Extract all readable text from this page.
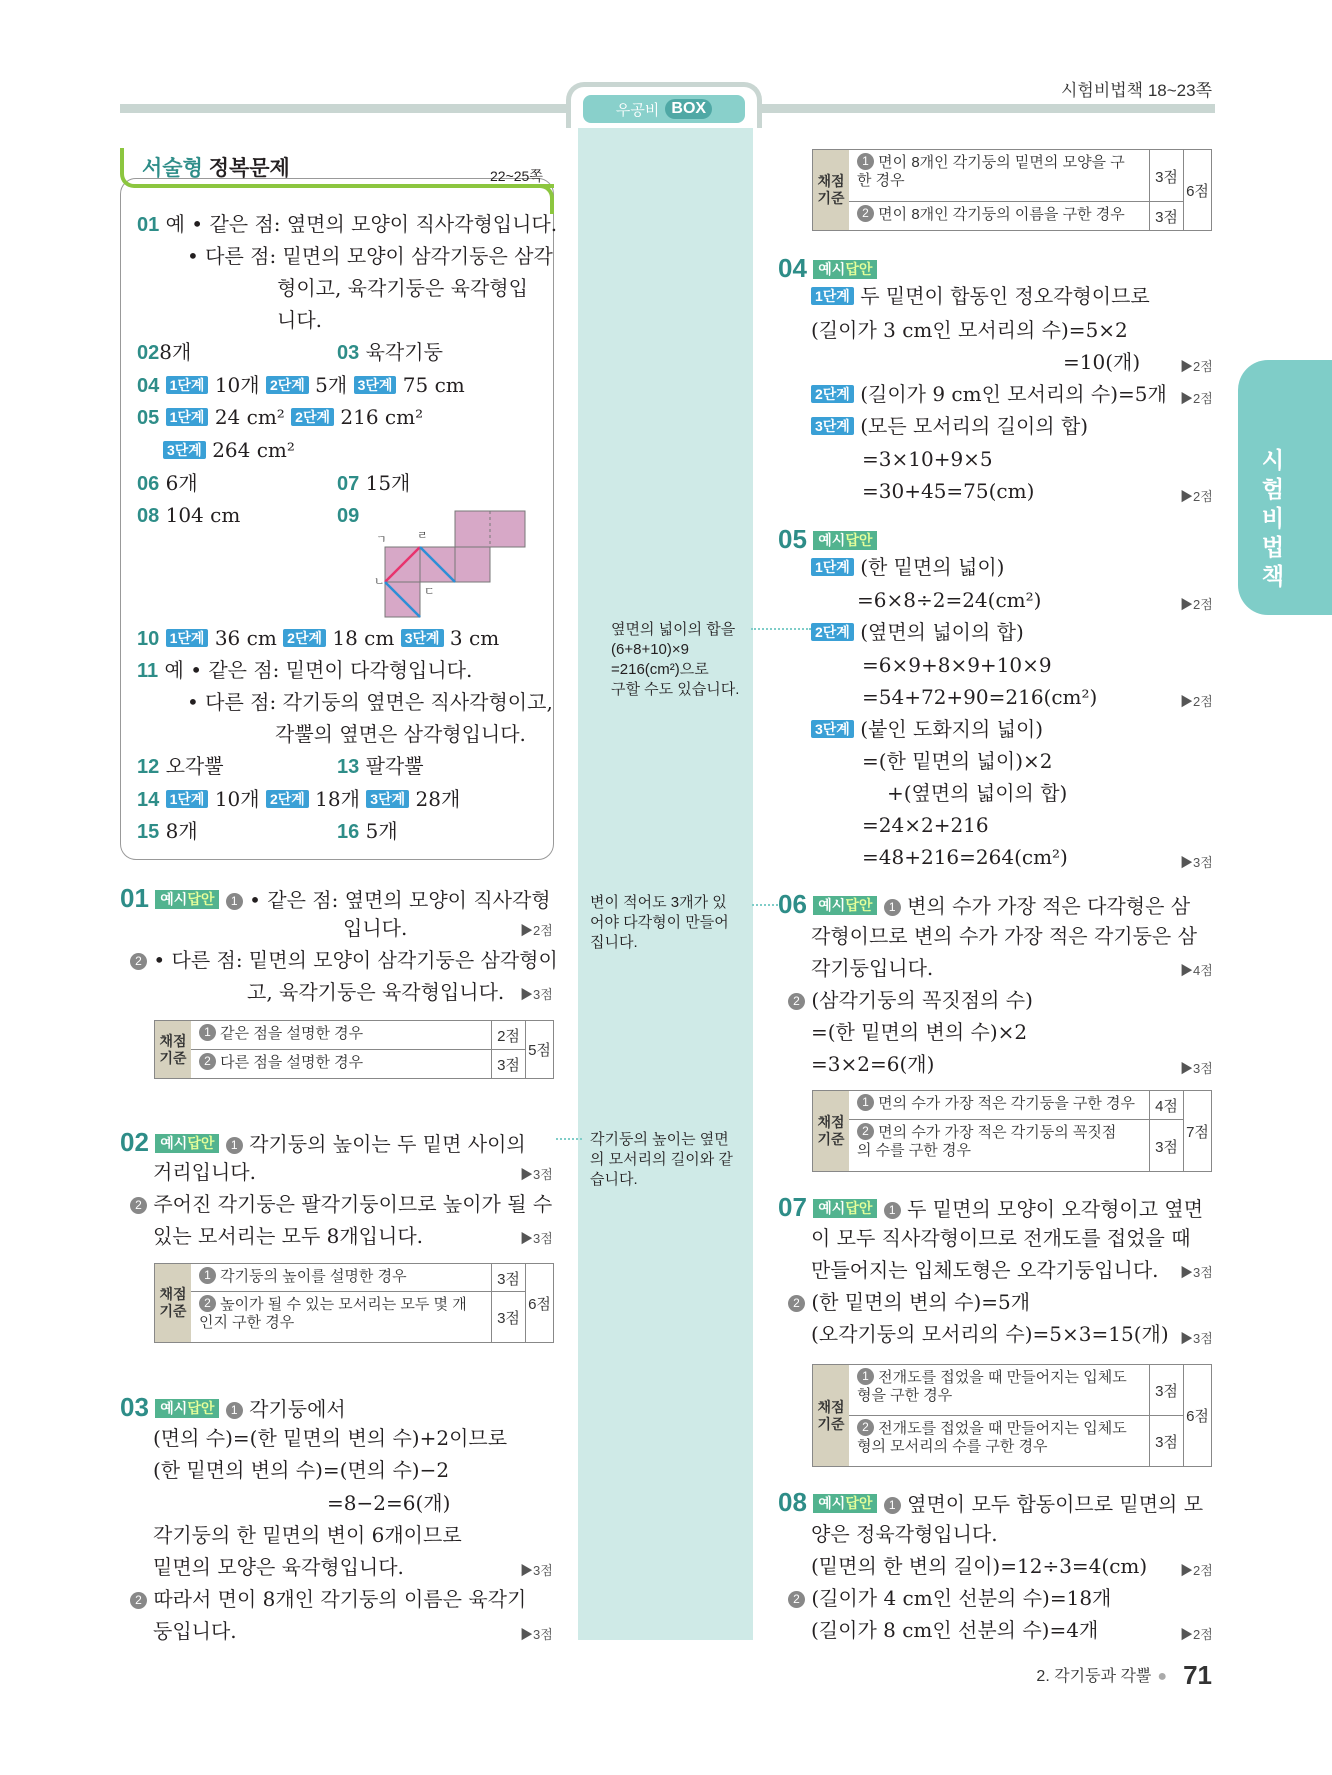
시험비법책 18~23쪽
우공비 BOX
시험비법책
서술형 정복문제	22~25쪽
01 예 • 같은 점: 옆면의 모양이 직사각형입니다.
• 다른 점: 밑면의 모양이 삼각기둥은 삼각
형이고, 육각기둥은 육각형입
니다.
028개	03 육각기둥
04 1단계 10개 2단계 5개 3단계 75 cm
05 1단계 24 cm² 2단계 216 cm²
3단계 264 cm²
06 6개	07 15개
08 104 cm	09
ㄱ	ㄹ
ㄴ
ㄷ
10 1단계 36 cm 2단계 18 cm 3단계 3 cm
11 예 • 같은 점: 밑면이 다각형입니다.
• 다른 점: 각기둥의 옆면은 직사각형이고,
각뿔의 옆면은 삼각형입니다.
12 오각뿔	13 팔각뿔
14 1단계 10개 2단계 18개 3단계 28개
15 8개	16 5개
01 예시답안 1 • 같은 점: 옆면의 모양이 직사각형
입니다.	▶2점
2 • 다른 점: 밑면의 모양이 삼각기둥은 삼각형이
고, 육각기둥은 육각형입니다. ▶3점
채점 기준
1 같은 점을 설명한 경우	2점
2 다른 점을 설명한 경우	3점
5점
02 예시답안 1 각기둥의 높이는 두 밑면 사이의
거리입니다.	▶3점
2 주어진 각기둥은 팔각기둥이므로 높이가 될 수
있는 모서리는 모두 8개입니다.	▶3점
채점 기준
1 각기둥의 높이를 설명한 경우	3점
2 높이가 될 수 있는 모서리는 모두 몇 개
인지 구한 경우	3점
6점
03 예시답안 1 각기둥에서
(면의 수)=(한 밑면의 변의 수)+2이므로
(한 밑면의 변의 수)=(면의 수)−2
=8−2=6(개)
각기둥의 한 밑면의 변이 6개이므로
밑면의 모양은 육각형입니다.	▶3점
2 따라서 면이 8개인 각기둥의 이름은 육각기
둥입니다.	▶3점
옆면의 넓이의 합을
(6+8+10)×9
=216(cm²)으로
구할 수도 있습니다.
변이 적어도 3개가 있
어야 다각형이 만들어
집니다.
각기둥의 높이는 옆면
의 모서리의 길이와 같
습니다.
채점 기준
1 면이 8개인 각기둥의 밑면의 모양을 구
한 경우	3점
2 면이 8개인 각기둥의 이름을 구한 경우	3점
6점
04 예시답안
1단계 두 밑면이 합동인 정오각형이므로
(길이가 3 cm인 모서리의 수)=5×2
=10(개)	▶2점
2단계 (길이가 9 cm인 모서리의 수)=5개 ▶2점
3단계 (모든 모서리의 길이의 합)
=3×10+9×5
=30+45=75(cm)	▶2점
05 예시답안
1단계 (한 밑면의 넓이)
=6×8÷2=24(cm²)	▶2점
2단계 (옆면의 넓이의 합)
=6×9+8×9+10×9
=54+72+90=216(cm²)	▶2점
3단계 (붙인 도화지의 넓이)
=(한 밑면의 넓이)×2
+(옆면의 넓이의 합)
=24×2+216
=48+216=264(cm²)	▶3점
06 예시답안 1 변의 수가 가장 적은 다각형은 삼
각형이므로 변의 수가 가장 적은 각기둥은 삼
각기둥입니다.	▶4점
2 (삼각기둥의 꼭짓점의 수)
=(한 밑면의 변의 수)×2
=3×2=6(개)	▶3점
채점 기준
1 면의 수가 가장 적은 각기둥을 구한 경우	4점
2 면의 수가 가장 적은 각기둥의 꼭짓점
의 수를 구한 경우	3점
7점
07 예시답안 1 두 밑면의 모양이 오각형이고 옆면
이 모두 직사각형이므로 전개도를 접었을 때
만들어지는 입체도형은 오각기둥입니다. ▶3점
2 (한 밑면의 변의 수)=5개
(오각기둥의 모서리의 수)=5×3=15(개) ▶3점
채점 기준
1 전개도를 접었을 때 만들어지는 입체도
형을 구한 경우	3점
2 전개도를 접었을 때 만들어지는 입체도
형의 모서리의 수를 구한 경우	3점
6점
08 예시답안 1 옆면이 모두 합동이므로 밑면의 모
양은 정육각형입니다.
(밑면의 한 변의 길이)=12÷3=4(cm)	▶2점
2 (길이가 4 cm인 선분의 수)=18개
(길이가 8 cm인 선분의 수)=4개	▶2점
2. 각기둥과 각뿔 ● 71
